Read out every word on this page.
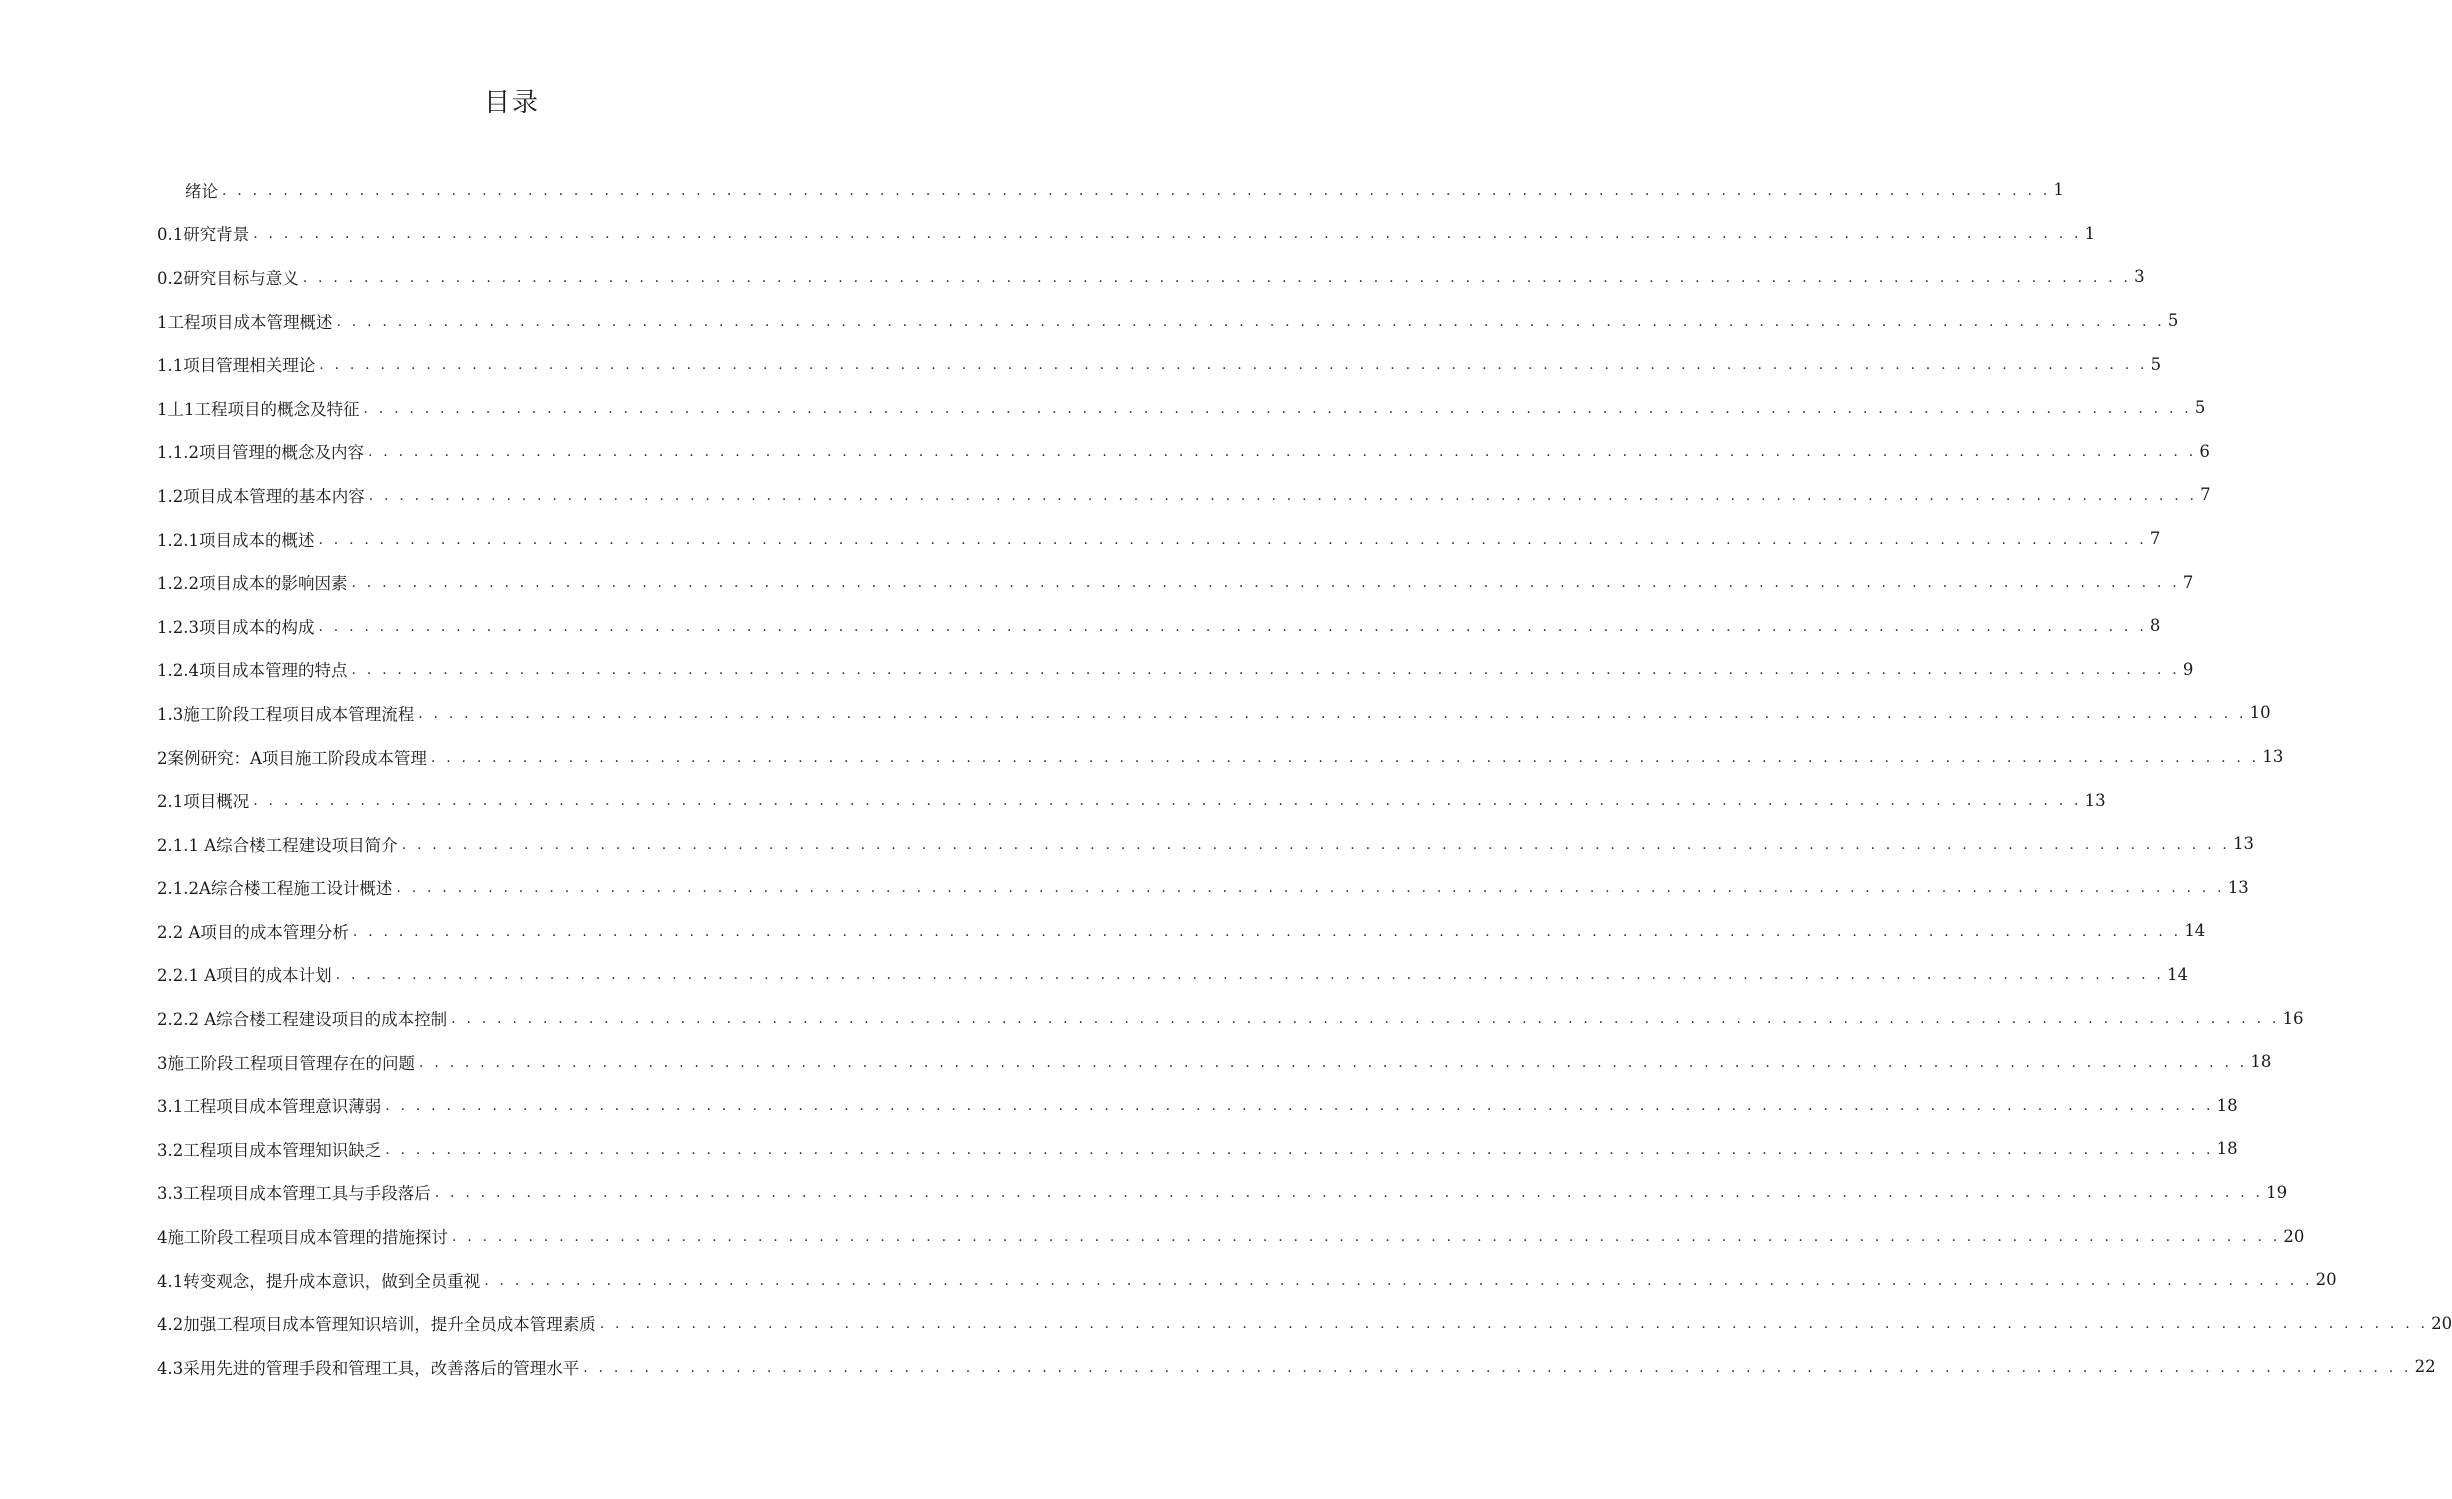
目录
绪论 . . . . . . . . . . . . . . . . . . . . . . . . . . . . . . . . . . . . . . . . . . . . . . . . . . . . . . . . . . . . . . . . . . . . . . . . . . . . . . . . . . . . . . . . . . . . . . . . . . . . . . . . . . . . . . . . . . . . . . . . 1
0.1研究背景 . . . . . . . . . . . . . . . . . . . . . . . . . . . . . . . . . . . . . . . . . . . . . . . . . . . . . . . . . . . . . . . . . . . . . . . . . . . . . . . . . . . . . . . . . . . . . . . . . . . . . . . . . . . . . . . . . . . . . . . . 1
0.2研究目标与意义 . . . . . . . . . . . . . . . . . . . . . . . . . . . . . . . . . . . . . . . . . . . . . . . . . . . . . . . . . . . . . . . . . . . . . . . . . . . . . . . . . . . . . . . . . . . . . . . . . . . . . . . . . . . . . . . . . . . . . . . . 3
1工程项目成本管理概述 . . . . . . . . . . . . . . . . . . . . . . . . . . . . . . . . . . . . . . . . . . . . . . . . . . . . . . . . . . . . . . . . . . . . . . . . . . . . . . . . . . . . . . . . . . . . . . . . . . . . . . . . . . . . . . . . . . . . . . . . 5
1.1项目管理相关理论 . . . . . . . . . . . . . . . . . . . . . . . . . . . . . . . . . . . . . . . . . . . . . . . . . . . . . . . . . . . . . . . . . . . . . . . . . . . . . . . . . . . . . . . . . . . . . . . . . . . . . . . . . . . . . . . . . . . . . . . . 5
1丄1工程项目的概念及特征 . . . . . . . . . . . . . . . . . . . . . . . . . . . . . . . . . . . . . . . . . . . . . . . . . . . . . . . . . . . . . . . . . . . . . . . . . . . . . . . . . . . . . . . . . . . . . . . . . . . . . . . . . . . . . . . . . . . . . . . . 5
1.1.2项目管理的概念及内容 . . . . . . . . . . . . . . . . . . . . . . . . . . . . . . . . . . . . . . . . . . . . . . . . . . . . . . . . . . . . . . . . . . . . . . . . . . . . . . . . . . . . . . . . . . . . . . . . . . . . . . . . . . . . . . . . . . . . . . . . 6
1.2项目成本管理的基本内容 . . . . . . . . . . . . . . . . . . . . . . . . . . . . . . . . . . . . . . . . . . . . . . . . . . . . . . . . . . . . . . . . . . . . . . . . . . . . . . . . . . . . . . . . . . . . . . . . . . . . . . . . . . . . . . . . . . . . . . . . 7
1.2.1项目成本的概述 . . . . . . . . . . . . . . . . . . . . . . . . . . . . . . . . . . . . . . . . . . . . . . . . . . . . . . . . . . . . . . . . . . . . . . . . . . . . . . . . . . . . . . . . . . . . . . . . . . . . . . . . . . . . . . . . . . . . . . . . 7
1.2.2项目成本的影响因素 . . . . . . . . . . . . . . . . . . . . . . . . . . . . . . . . . . . . . . . . . . . . . . . . . . . . . . . . . . . . . . . . . . . . . . . . . . . . . . . . . . . . . . . . . . . . . . . . . . . . . . . . . . . . . . . . . . . . . . . . 7
1.2.3项目成本的构成 . . . . . . . . . . . . . . . . . . . . . . . . . . . . . . . . . . . . . . . . . . . . . . . . . . . . . . . . . . . . . . . . . . . . . . . . . . . . . . . . . . . . . . . . . . . . . . . . . . . . . . . . . . . . . . . . . . . . . . . . 8
1.2.4项目成本管理的特点 . . . . . . . . . . . . . . . . . . . . . . . . . . . . . . . . . . . . . . . . . . . . . . . . . . . . . . . . . . . . . . . . . . . . . . . . . . . . . . . . . . . . . . . . . . . . . . . . . . . . . . . . . . . . . . . . . . . . . . . . 9
1.3施工阶段工程项目成本管理流程 . . . . . . . . . . . . . . . . . . . . . . . . . . . . . . . . . . . . . . . . . . . . . . . . . . . . . . . . . . . . . . . . . . . . . . . . . . . . . . . . . . . . . . . . . . . . . . . . . . . . . . . . . . . . . . . . . . . . . . . . 10
2案例研究：A项目施工阶段成本管理 . . . . . . . . . . . . . . . . . . . . . . . . . . . . . . . . . . . . . . . . . . . . . . . . . . . . . . . . . . . . . . . . . . . . . . . . . . . . . . . . . . . . . . . . . . . . . . . . . . . . . . . . . . . . . . . . . . . . . . . . 13
2.1项目概况 . . . . . . . . . . . . . . . . . . . . . . . . . . . . . . . . . . . . . . . . . . . . . . . . . . . . . . . . . . . . . . . . . . . . . . . . . . . . . . . . . . . . . . . . . . . . . . . . . . . . . . . . . . . . . . . . . . . . . . . . 13
2.1.1 A综合楼工程建设项目简介 . . . . . . . . . . . . . . . . . . . . . . . . . . . . . . . . . . . . . . . . . . . . . . . . . . . . . . . . . . . . . . . . . . . . . . . . . . . . . . . . . . . . . . . . . . . . . . . . . . . . . . . . . . . . . . . . . . . . . . . . 13
2.1.2A综合楼工程施工设计概述 . . . . . . . . . . . . . . . . . . . . . . . . . . . . . . . . . . . . . . . . . . . . . . . . . . . . . . . . . . . . . . . . . . . . . . . . . . . . . . . . . . . . . . . . . . . . . . . . . . . . . . . . . . . . . . . . . . . . . . . . 13
2.2 A项目的成本管理分析 . . . . . . . . . . . . . . . . . . . . . . . . . . . . . . . . . . . . . . . . . . . . . . . . . . . . . . . . . . . . . . . . . . . . . . . . . . . . . . . . . . . . . . . . . . . . . . . . . . . . . . . . . . . . . . . . . . . . . . . . 14
2.2.1 A项目的成本计划 . . . . . . . . . . . . . . . . . . . . . . . . . . . . . . . . . . . . . . . . . . . . . . . . . . . . . . . . . . . . . . . . . . . . . . . . . . . . . . . . . . . . . . . . . . . . . . . . . . . . . . . . . . . . . . . . . . . . . . . . 14
2.2.2 A综合楼工程建设项目的成本控制 . . . . . . . . . . . . . . . . . . . . . . . . . . . . . . . . . . . . . . . . . . . . . . . . . . . . . . . . . . . . . . . . . . . . . . . . . . . . . . . . . . . . . . . . . . . . . . . . . . . . . . . . . . . . . . . . . . . . . . . . 16
3施工阶段工程项目管理存在的问题 . . . . . . . . . . . . . . . . . . . . . . . . . . . . . . . . . . . . . . . . . . . . . . . . . . . . . . . . . . . . . . . . . . . . . . . . . . . . . . . . . . . . . . . . . . . . . . . . . . . . . . . . . . . . . . . . . . . . . . . . 18
3.1工程项目成本管理意识薄弱 . . . . . . . . . . . . . . . . . . . . . . . . . . . . . . . . . . . . . . . . . . . . . . . . . . . . . . . . . . . . . . . . . . . . . . . . . . . . . . . . . . . . . . . . . . . . . . . . . . . . . . . . . . . . . . . . . . . . . . . . 18
3.2工程项目成本管理知识缺乏 . . . . . . . . . . . . . . . . . . . . . . . . . . . . . . . . . . . . . . . . . . . . . . . . . . . . . . . . . . . . . . . . . . . . . . . . . . . . . . . . . . . . . . . . . . . . . . . . . . . . . . . . . . . . . . . . . . . . . . . . 18
3.3工程项目成本管理工具与手段落后 . . . . . . . . . . . . . . . . . . . . . . . . . . . . . . . . . . . . . . . . . . . . . . . . . . . . . . . . . . . . . . . . . . . . . . . . . . . . . . . . . . . . . . . . . . . . . . . . . . . . . . . . . . . . . . . . . . . . . . . . 19
4施工阶段工程项目成本管理的措施探讨 . . . . . . . . . . . . . . . . . . . . . . . . . . . . . . . . . . . . . . . . . . . . . . . . . . . . . . . . . . . . . . . . . . . . . . . . . . . . . . . . . . . . . . . . . . . . . . . . . . . . . . . . . . . . . . . . . . . . . . . . 20
4.1转变观念，提升成本意识，做到全员重视 . . . . . . . . . . . . . . . . . . . . . . . . . . . . . . . . . . . . . . . . . . . . . . . . . . . . . . . . . . . . . . . . . . . . . . . . . . . . . . . . . . . . . . . . . . . . . . . . . . . . . . . . . . . . . . . . . . . . . . . . 20
4.2加强工程项目成本管理知识培训，提升全员成本管理素质 . . . . . . . . . . . . . . . . . . . . . . . . . . . . . . . . . . . . . . . . . . . . . . . . . . . . . . . . . . . . . . . . . . . . . . . . . . . . . . . . . . . . . . . . . . . . . . . . . . . . . . . . . . . . . . . . . . . . . . . . 20
4.3采用先进的管理手段和管理工具，改善落后的管理水平 . . . . . . . . . . . . . . . . . . . . . . . . . . . . . . . . . . . . . . . . . . . . . . . . . . . . . . . . . . . . . . . . . . . . . . . . . . . . . . . . . . . . . . . . . . . . . . . . . . . . . . . . . . . . . . . . . . . . . . . . 22
